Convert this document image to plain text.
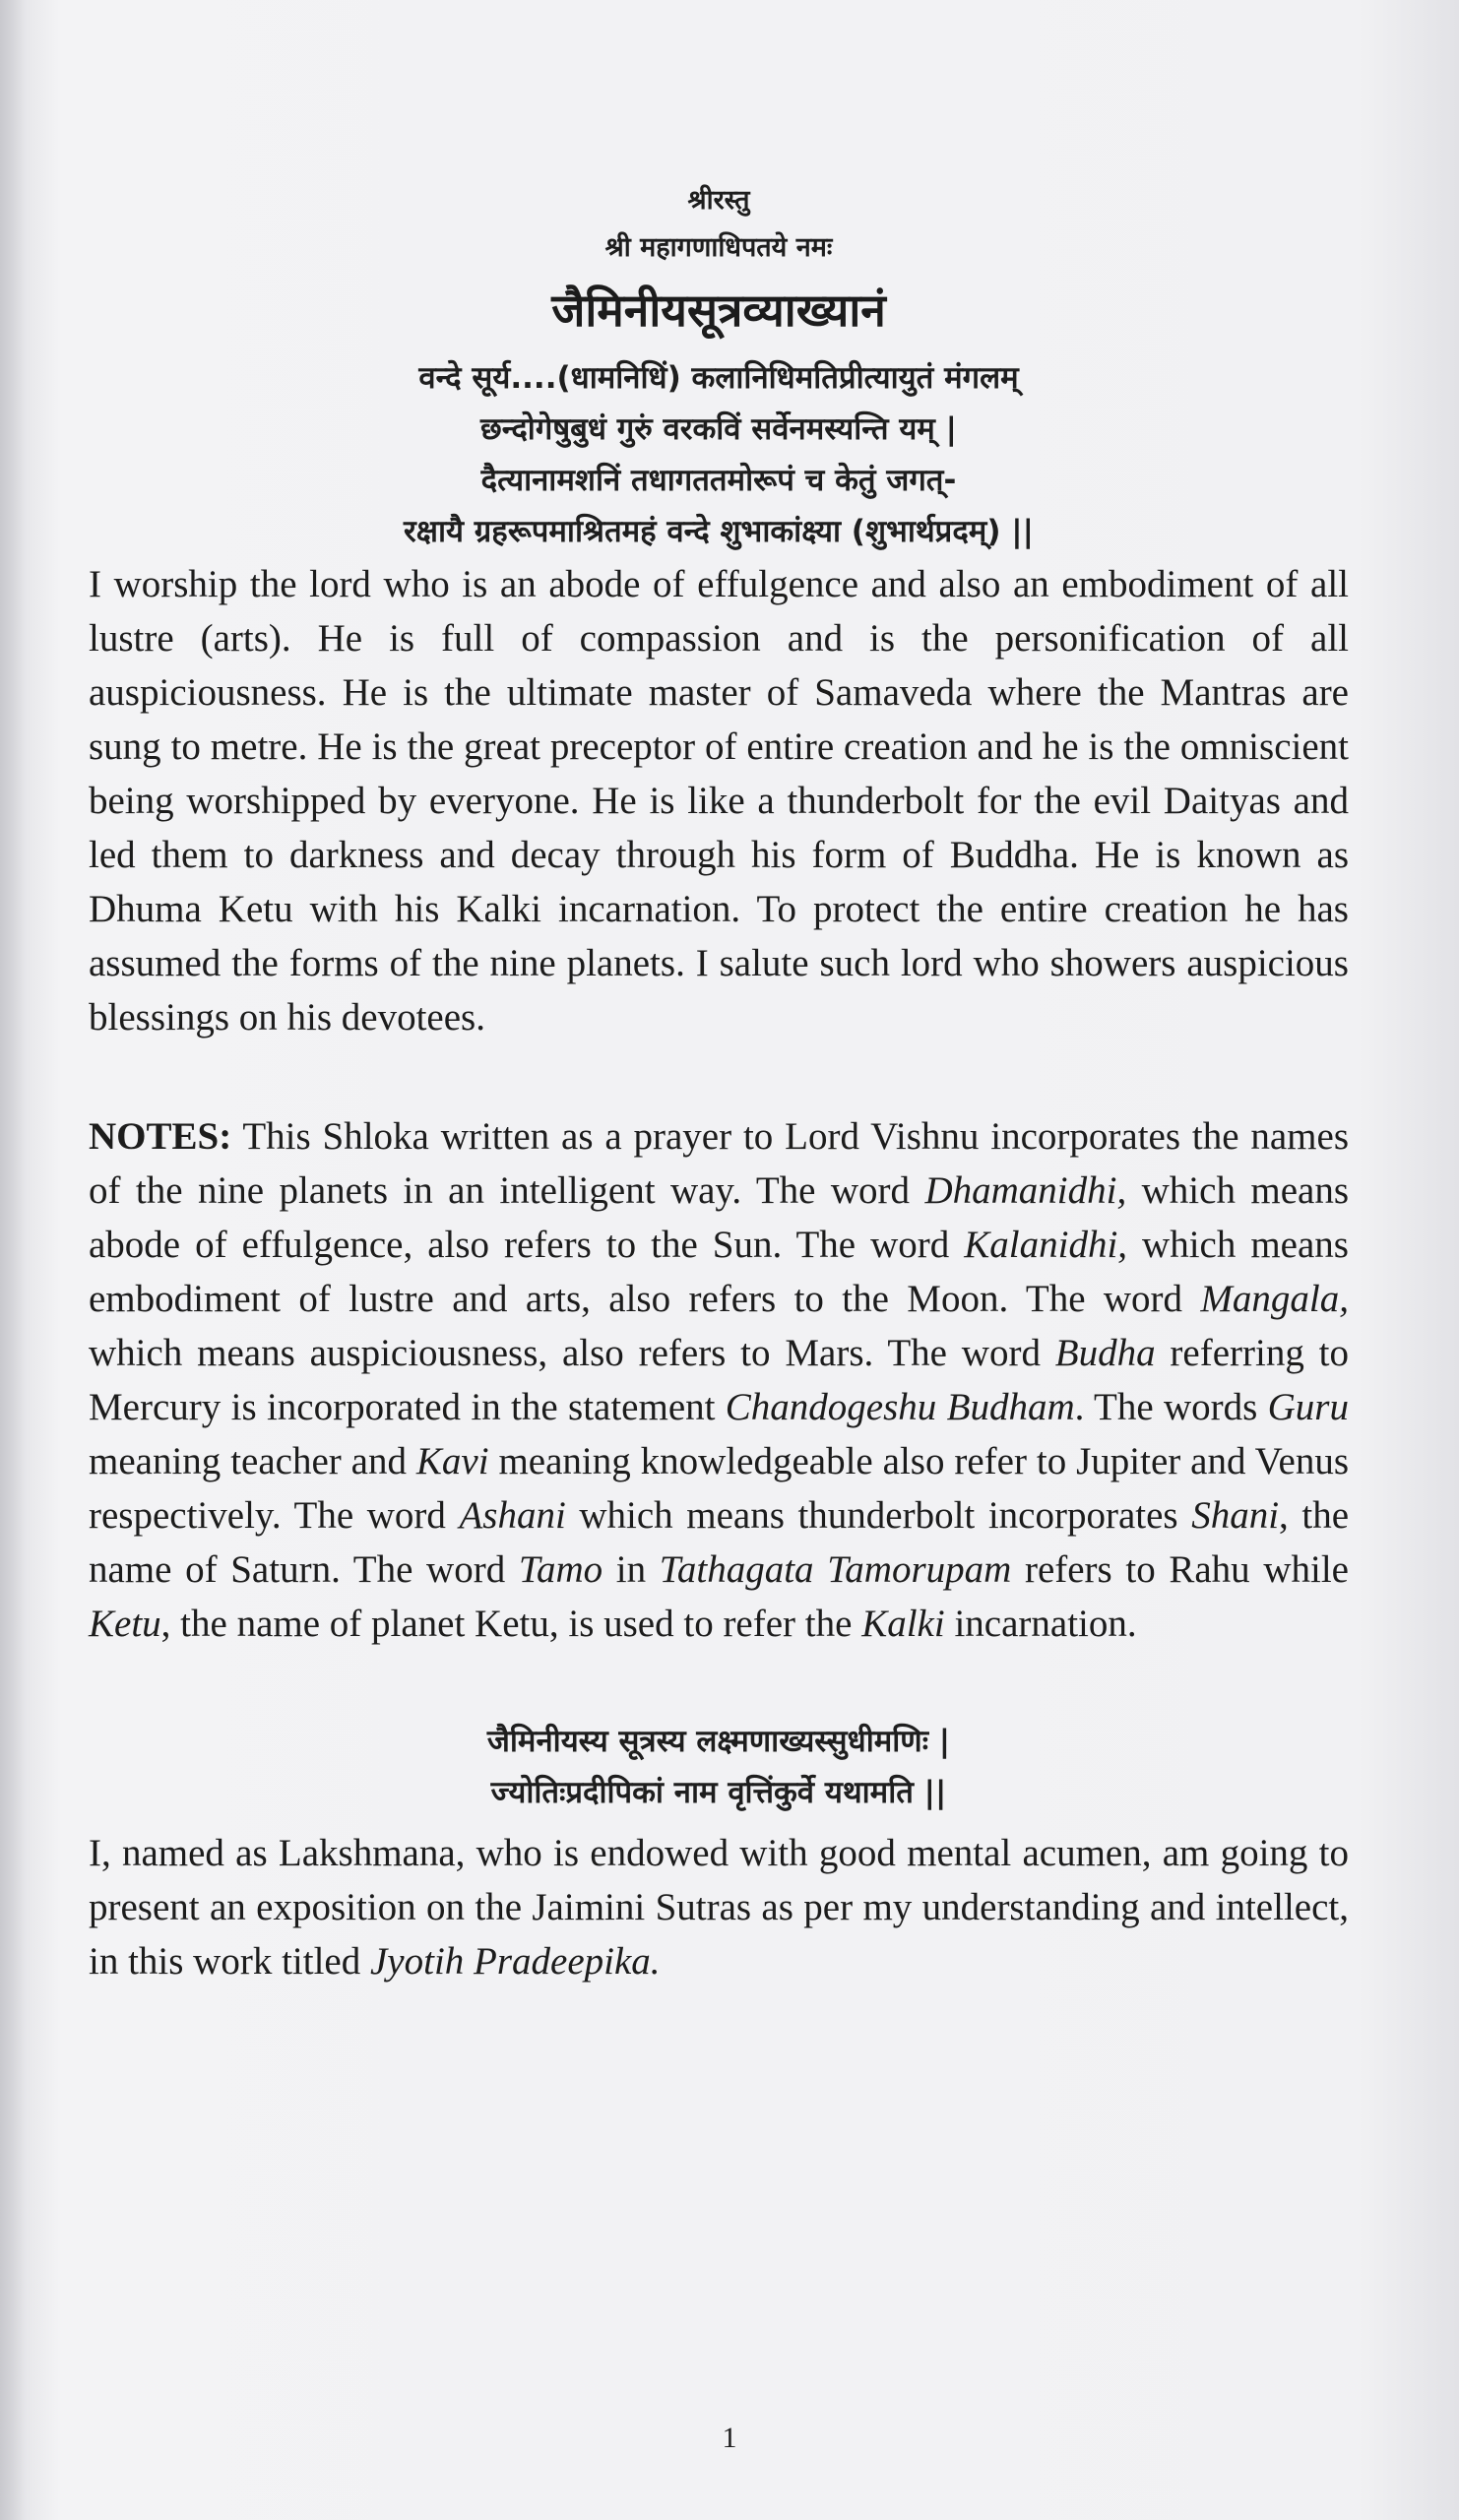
श्रीरस्तु
श्री महागणाधिपतये नमः
जैमिनीयसूत्रव्याख्यानं
वन्दे सूर्य....(धामनिधिं) कलानिधिमतिप्रीत्यायुतं मंगलम्
छन्दोगेषुबुधं गुरुं वरकविं सर्वेनमस्यन्ति यम् |
दैत्यानामशनिं तधागततमोरूपं च केतुं जगत्-
रक्षायै ग्रहरूपमाश्रितमहं वन्दे शुभाकांक्ष्या (शुभार्थप्रदम्) ||

I worship the lord who is an abode of effulgence and also an embodiment of all lustre (arts). He is full of compassion and is the personification of all auspiciousness. He is the ultimate master of Samaveda where the Mantras are sung to metre. He is the great preceptor of entire creation and he is the omniscient being worshipped by everyone. He is like a thunderbolt for the evil Daityas and led them to darkness and decay through his form of Buddha. He is known as Dhuma Ketu with his Kalki incarnation. To protect the entire creation he has assumed the forms of the nine planets. I salute such lord who showers auspicious blessings on his devotees.

NOTES: This Shloka written as a prayer to Lord Vishnu incorporates the names of the nine planets in an intelligent way. The word Dhamanidhi, which means abode of effulgence, also refers to the Sun. The word Kalanidhi, which means embodiment of lustre and arts, also refers to the Moon. The word Mangala, which means auspiciousness, also refers to Mars. The word Budha referring to Mercury is incorporated in the statement Chandogeshu Budham. The words Guru meaning teacher and Kavi meaning knowledgeable also refer to Jupiter and Venus respectively. The word Ashani which means thunderbolt incorporates Shani, the name of Saturn. The word Tamo in Tathagata Tamorupam refers to Rahu while Ketu, the name of planet Ketu, is used to refer the Kalki incarnation.

जैमिनीयस्य सूत्रस्य लक्ष्मणाख्यस्सुधीमणिः |
ज्योतिःप्रदीपिकां नाम वृत्तिंकुर्वे यथामति ||

I, named as Lakshmana, who is endowed with good mental acumen, am going to present an exposition on the Jaimini Sutras as per my understanding and intellect, in this work titled Jyotih Pradeepika.

1
